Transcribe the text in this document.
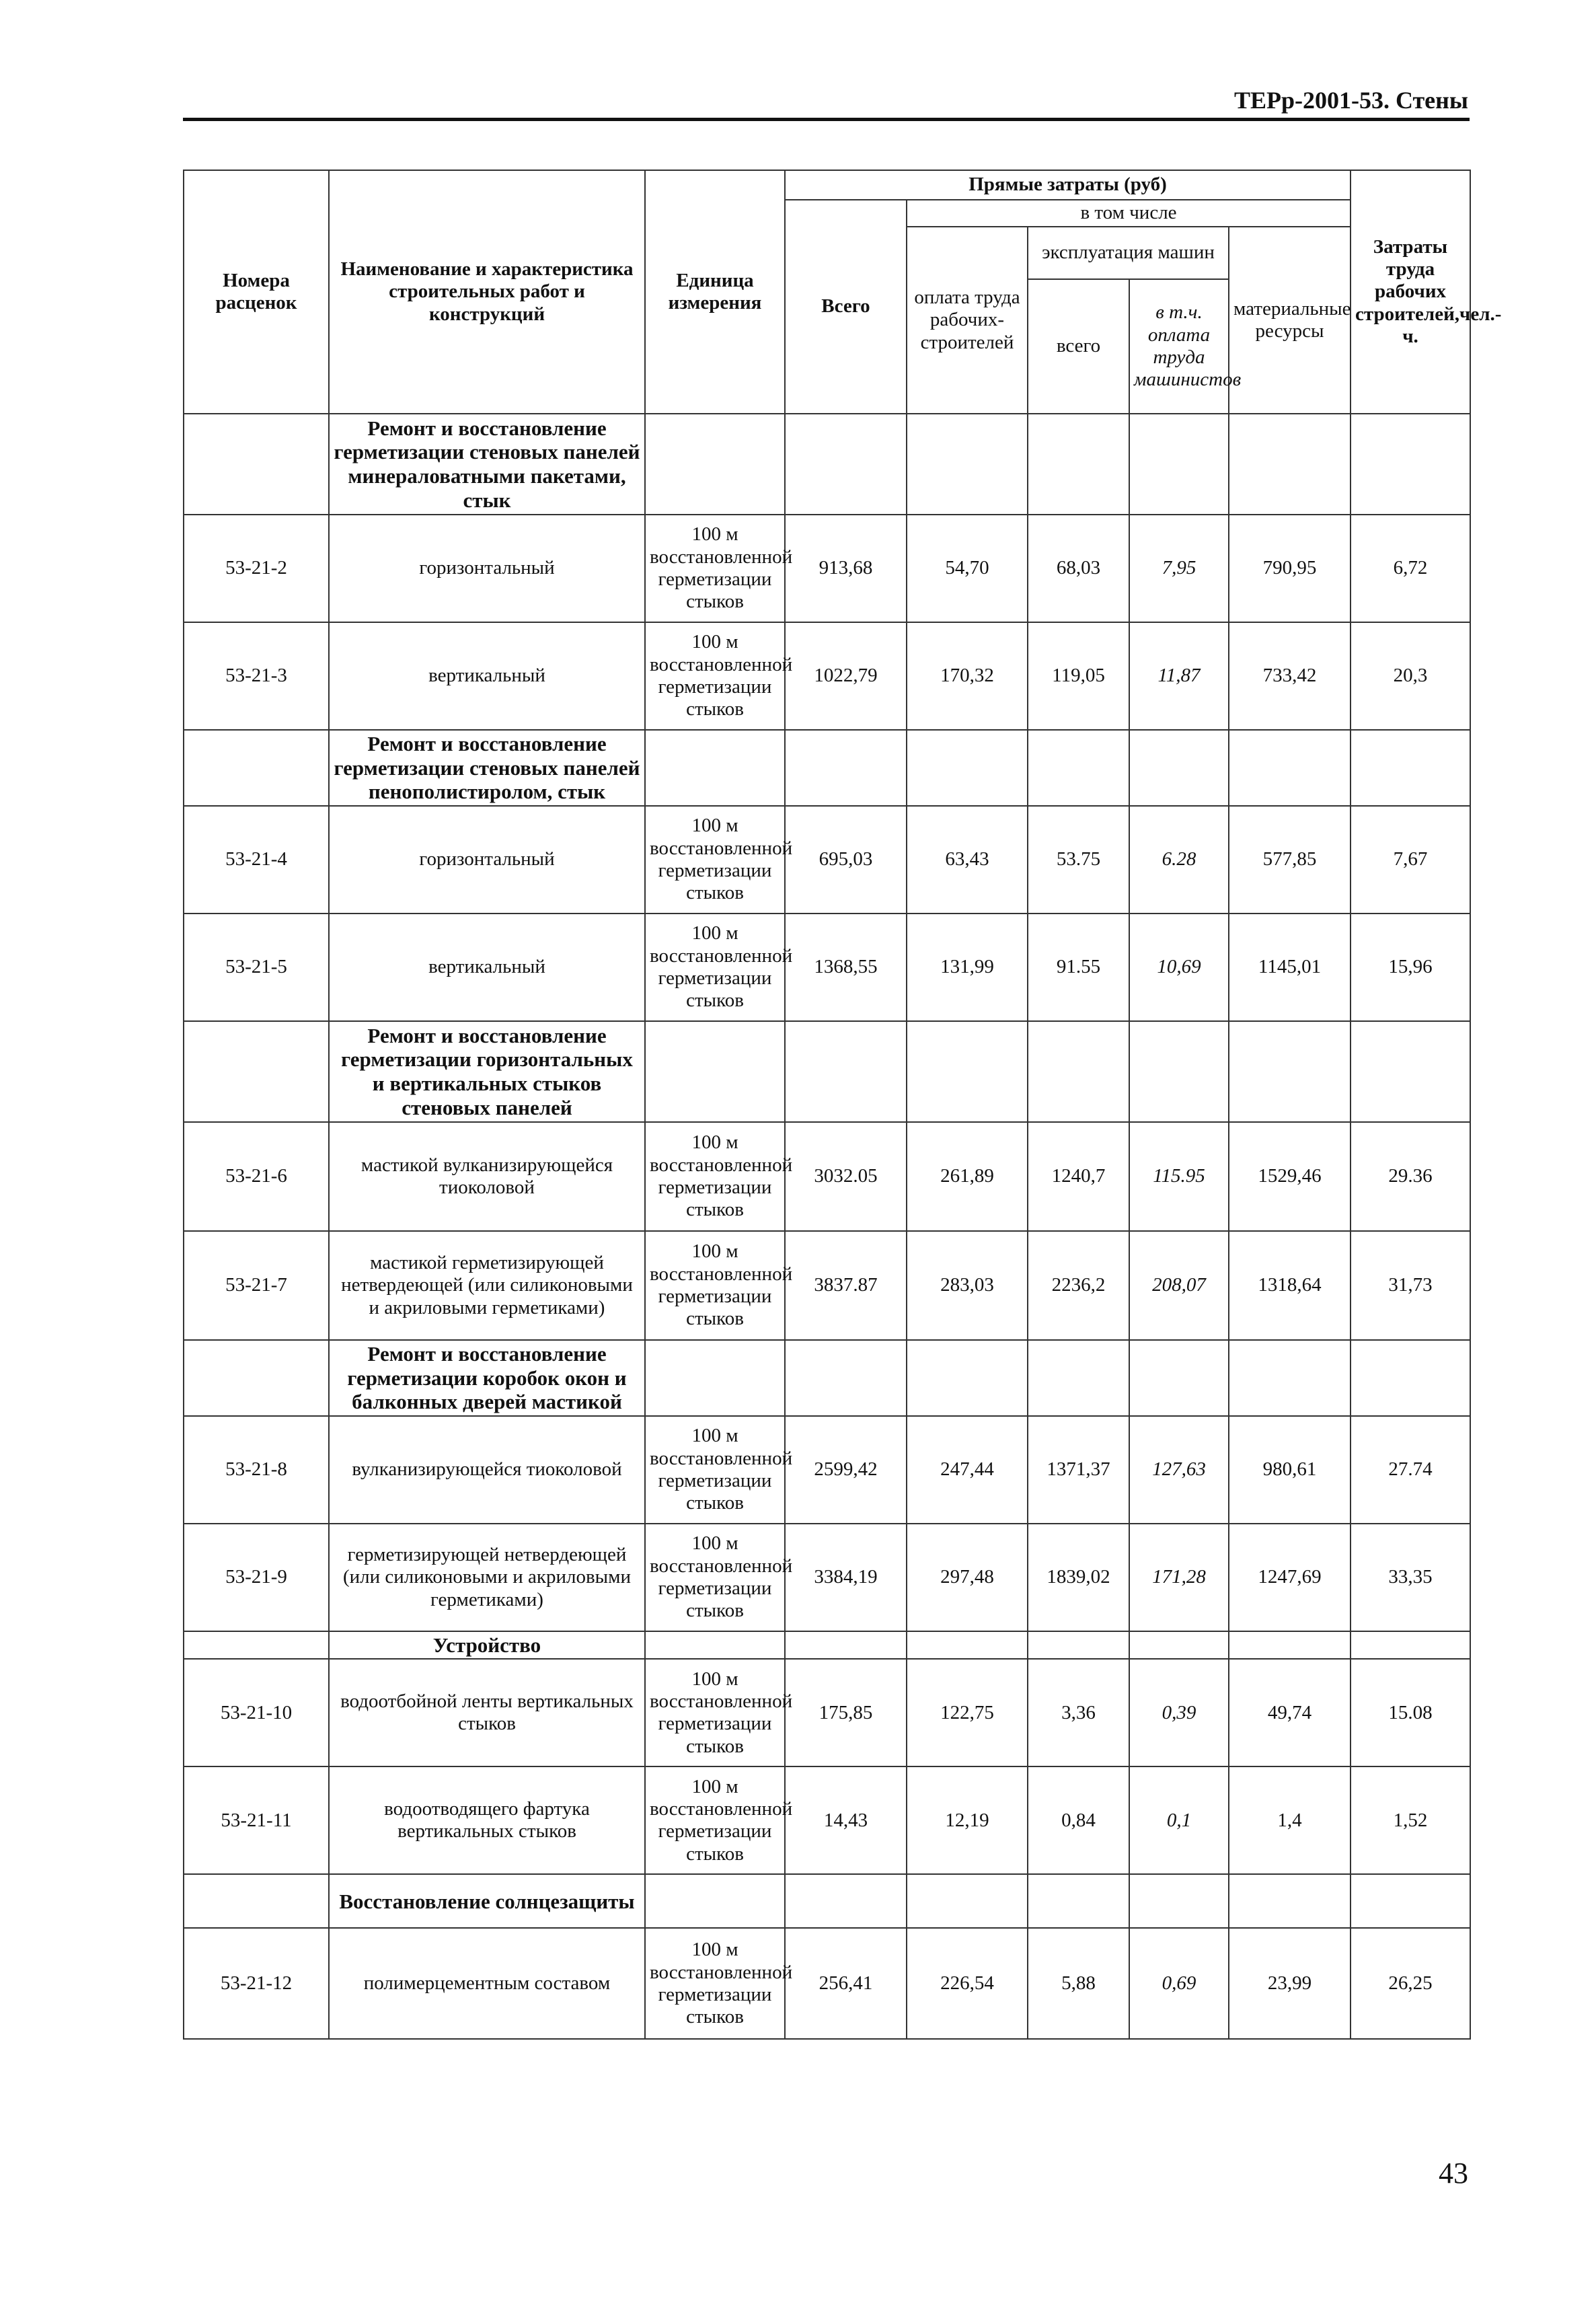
ТЕРр-2001-53. Стены
Номера расценок	Наименование и характеристика строительных работ и конструкций	Единица измерения	Прямые затраты (руб)					Затраты труда рабочих строителей,чел.-ч.
			Всего	в том числе				
				оплата труда рабочих-строителей	эксплуатация машин		материальные ресурсы	
					всего	в т.ч. оплата труда машинистов		

	Ремонт и восстановление герметизации стеновых панелей минераловатными пакетами, стык							
53-21-2	горизонтальный	100 м восстановленной герметизации стыков	913,68	54,70	68,03	7,95	790,95	6,72
53-21-3	вертикальный	100 м восстановленной герметизации стыков	1022,79	170,32	119,05	11,87	733,42	20,3
	Ремонт и восстановление герметизации стеновых панелей пенополистиролом, стык							
53-21-4	горизонтальный	100 м восстановленной герметизации стыков	695,03	63,43	53.75	6.28	577,85	7,67
53-21-5	вертикальный	100 м восстановленной герметизации стыков	1368,55	131,99	91.55	10,69	1145,01	15,96
	Ремонт и восстановление герметизации горизонтальных и вертикальных стыков стеновых панелей							
53-21-6	мастикой вулканизирующейся тиоколовой	100 м восстановленной герметизации стыков	3032.05	261,89	1240,7	115.95	1529,46	29.36
53-21-7	мастикой герметизирующей нетвердеющей (или силиконовыми и акриловыми герметиками)	100 м восстановленной герметизации стыков	3837.87	283,03	2236,2	208,07	1318,64	31,73
	Ремонт и восстановление герметизации коробок окон и балконных дверей мастикой							
53-21-8	вулканизирующейся тиоколовой	100 м восстановленной герметизации стыков	2599,42	247,44	1371,37	127,63	980,61	27.74
53-21-9	герметизирующей нетвердеющей (или силиконовыми и акриловыми герметиками)	100 м восстановленной герметизации стыков	3384,19	297,48	1839,02	171,28	1247,69	33,35
	Устройство							
53-21-10	водоотбойной ленты вертикальных стыков	100 м восстановленной герметизации стыков	175,85	122,75	3,36	0,39	49,74	15.08
53-21-11	водоотводящего фартука вертикальных стыков	100 м восстановленной герметизации стыков	14,43	12,19	0,84	0,1	1,4	1,52
	Восстановление солнцезащиты							
53-21-12	полимерцементным составом	100 м восстановленной герметизации стыков	256,41	226,54	5,88	0,69	23,99	26,25
43
